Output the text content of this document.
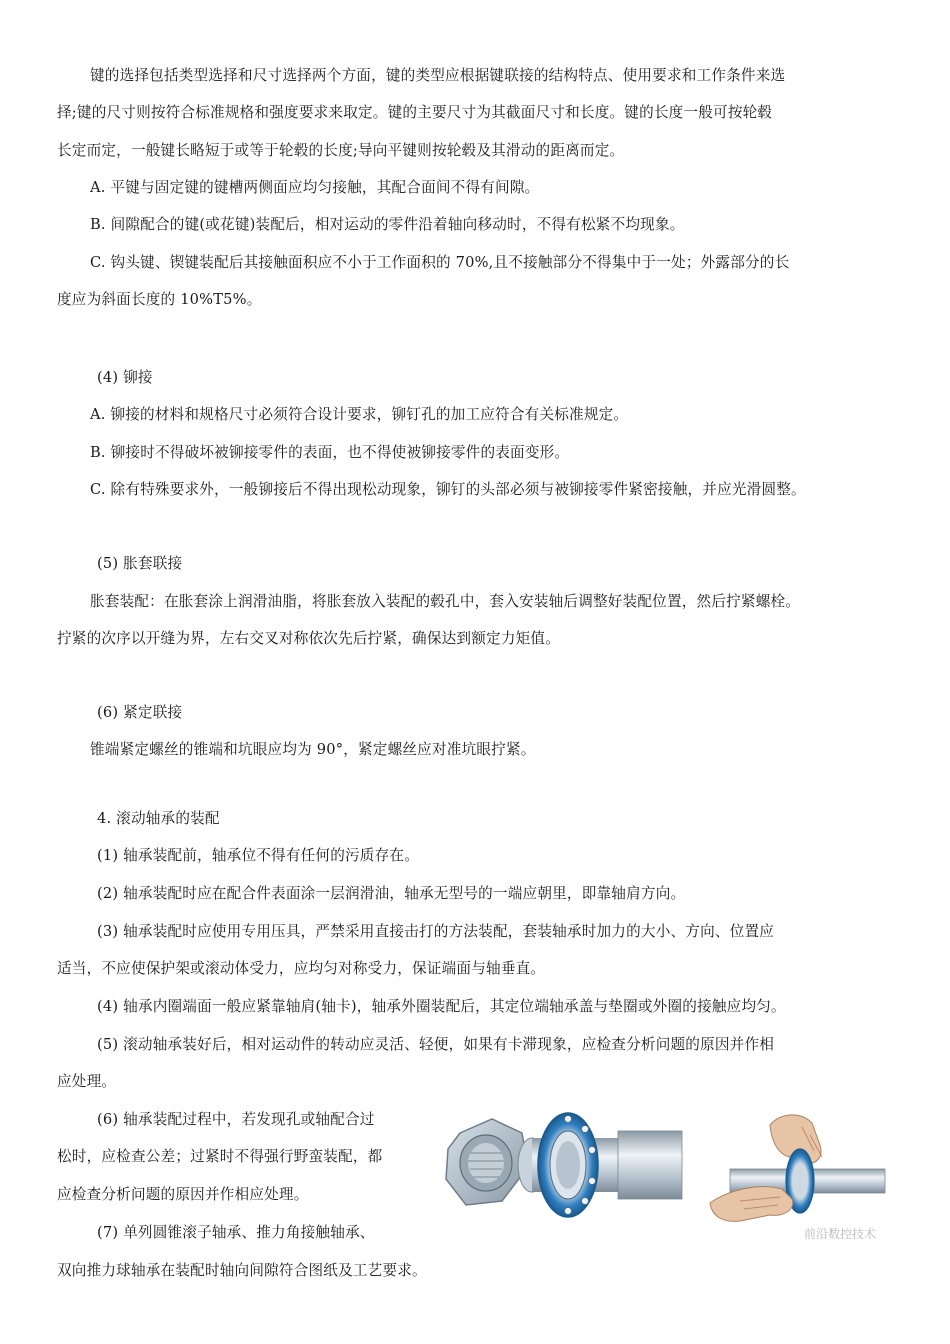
键的选择包括类型选择和尺寸选择两个方面，键的类型应根据键联接的结构特点、使用要求和工作条件来选
择;键的尺寸则按符合标准规格和强度要求来取定。键的主要尺寸为其截面尺寸和长度。键的长度一般可按轮毂
长定而定，一般键长略短于或等于轮毂的长度;导向平键则按轮毂及其滑动的距离而定。
A. 平键与固定键的键槽两侧面应均匀接触，其配合面间不得有间隙。
B. 间隙配合的键(或花键)装配后，相对运动的零件沿着轴向移动时，不得有松紧不均现象。
C. 钩头键、锲键装配后其接触面积应不小于工作面积的 70%,且不接触部分不得集中于一处；外露部分的长
度应为斜面长度的 10%T5%。
(4) 铆接
A. 铆接的材料和规格尺寸必须符合设计要求，铆钉孔的加工应符合有关标准规定。
B. 铆接时不得破坏被铆接零件的表面，也不得使被铆接零件的表面变形。
C. 除有特殊要求外，一般铆接后不得出现松动现象，铆钉的头部必须与被铆接零件紧密接触，并应光滑圆整。
(5) 胀套联接
胀套装配：在胀套涂上润滑油脂，将胀套放入装配的毂孔中，套入安装轴后调整好装配位置，然后拧紧螺栓。
拧紧的次序以开缝为界，左右交叉对称依次先后拧紧，确保达到额定力矩值。
(6) 紧定联接
锥端紧定螺丝的锥端和坑眼应均为 90°，紧定螺丝应对准坑眼拧紧。
4. 滚动轴承的装配
(1) 轴承装配前，轴承位不得有任何的污质存在。
(2) 轴承装配时应在配合件表面涂一层润滑油，轴承无型号的一端应朝里，即靠轴肩方向。
(3) 轴承装配时应使用专用压具，严禁采用直接击打的方法装配，套装轴承时加力的大小、方向、位置应
适当，不应使保护架或滚动体受力，应均匀对称受力，保证端面与轴垂直。
(4) 轴承内圈端面一般应紧靠轴肩(轴卡)，轴承外圈装配后，其定位端轴承盖与垫圈或外圈的接触应均匀。
(5) 滚动轴承装好后，相对运动件的转动应灵活、轻便，如果有卡滞现象，应检查分析问题的原因并作相
应处理。
(6) 轴承装配过程中，若发现孔或轴配合过
松时，应检查公差；过紧时不得强行野蛮装配，都
应检查分析问题的原因并作相应处理。
(7) 单列圆锥滚子轴承、推力角接触轴承、
双向推力球轴承在装配时轴向间隙符合图纸及工艺要求。
前沿数控技术
